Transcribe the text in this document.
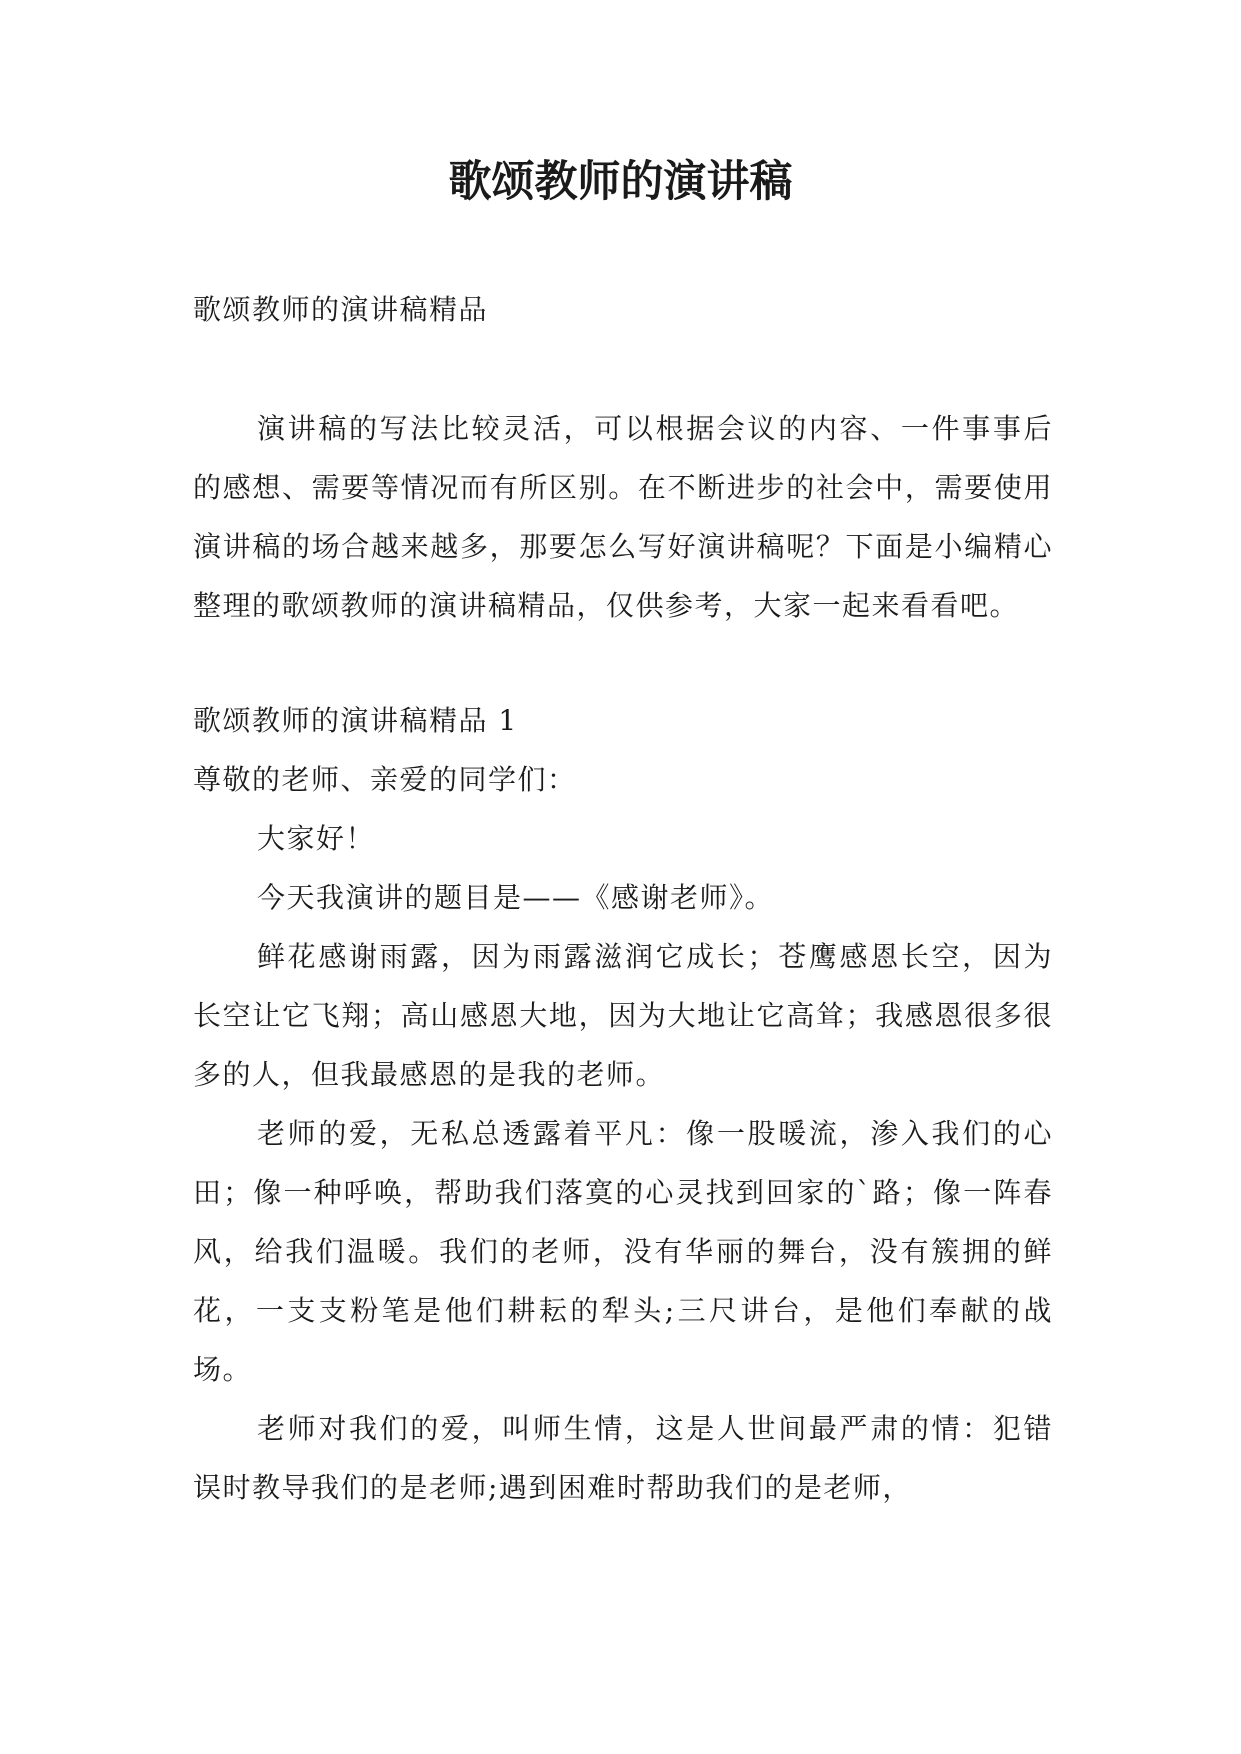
歌颂教师的演讲稿

歌颂教师的演讲稿精品

演讲稿的写法比较灵活，可以根据会议的内容、一件事事后的感想、需要等情况而有所区别。在不断进步的社会中，需要使用演讲稿的场合越来越多，那要怎么写好演讲稿呢？下面是小编精心整理的歌颂教师的演讲稿精品，仅供参考，大家一起来看看吧。

歌颂教师的演讲稿精品 1

尊敬的老师、亲爱的同学们：

大家好！

今天我演讲的题目是——《感谢老师》。

鲜花感谢雨露，因为雨露滋润它成长；苍鹰感恩长空，因为长空让它飞翔；高山感恩大地，因为大地让它高耸；我感恩很多很多的人，但我最感恩的是我的老师。

老师的爱，无私总透露着平凡：像一股暖流，渗入我们的心田；像一种呼唤，帮助我们落寞的心灵找到回家的`路；像一阵春风，给我们温暖。我们的老师，没有华丽的舞台，没有簇拥的鲜花，一支支粉笔是他们耕耘的犁头;三尺讲台，是他们奉献的战场。

老师对我们的爱，叫师生情，这是人世间最严肃的情：犯错误时教导我们的是老师;遇到困难时帮助我们的是老师，
